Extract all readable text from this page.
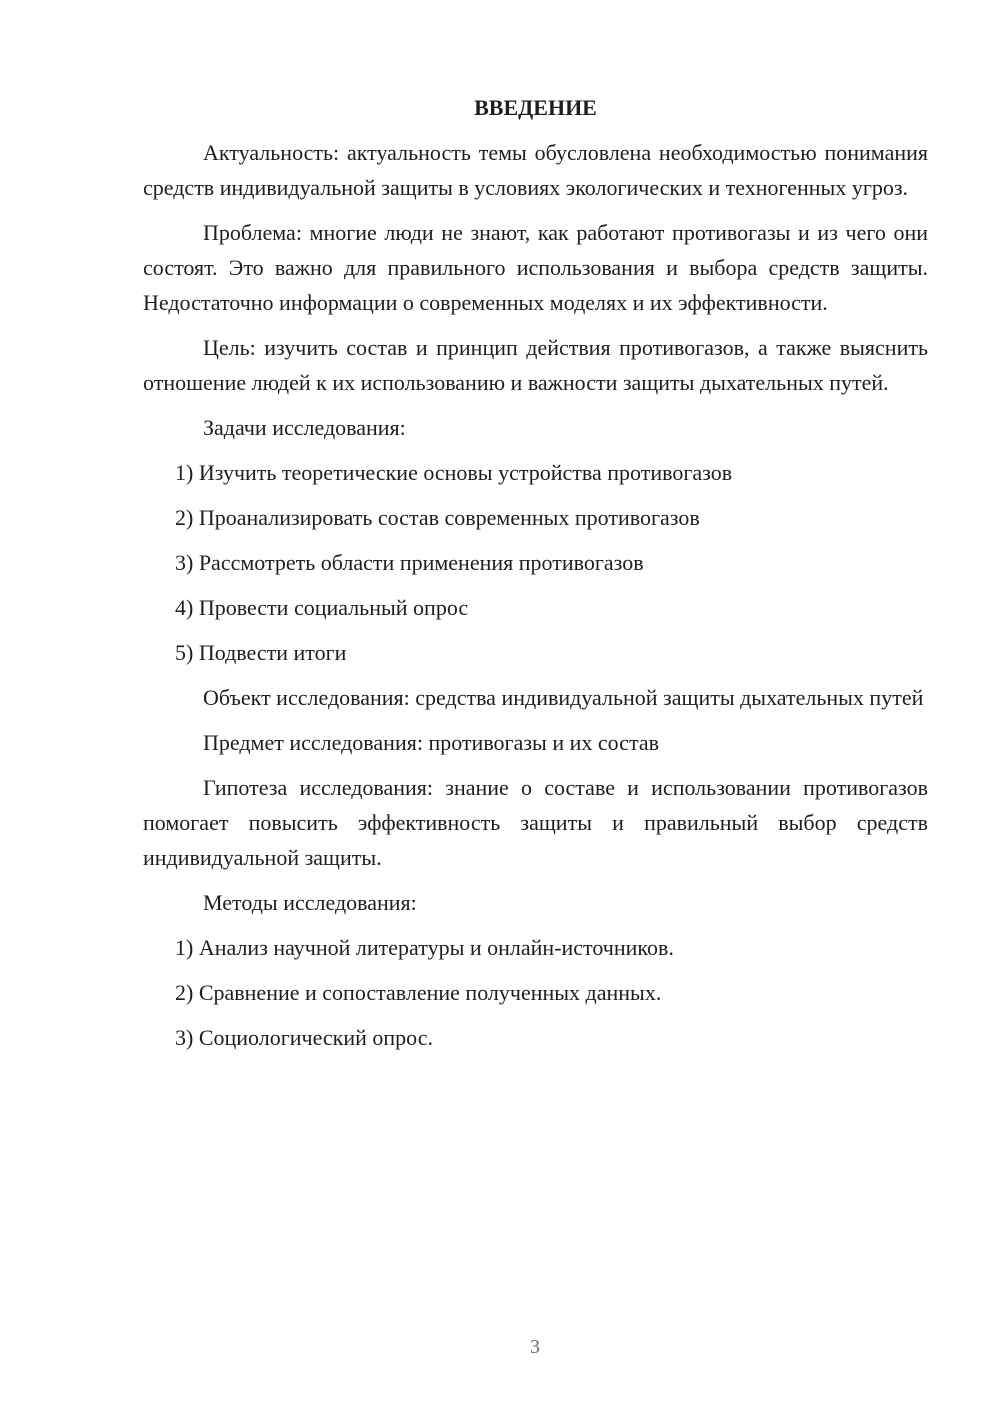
ВВЕДЕНИЕ
Актуальность: актуальность темы обусловлена необходимостью понимания средств индивидуальной защиты в условиях экологических и техногенных угроз.
Проблема: многие люди не знают, как работают противогазы и из чего они состоят. Это важно для правильного использования и выбора средств защиты. Недостаточно информации о современных моделях и их эффективности.
Цель: изучить состав и принцип действия противогазов, а также выяснить отношение людей к их использованию и важности защиты дыхательных путей.
Задачи исследования:
1) Изучить теоретические основы устройства противогазов
2) Проанализировать состав современных противогазов
3) Рассмотреть области применения противогазов
4) Провести социальный опрос
5) Подвести итоги
Объект исследования: средства индивидуальной защиты дыхательных путей
Предмет исследования: противогазы и их состав
Гипотеза исследования: знание о составе и использовании противогазов помогает повысить эффективность защиты и правильный выбор средств индивидуальной защиты.
Методы исследования:
1) Анализ научной литературы и онлайн-источников.
2) Сравнение и сопоставление полученных данных.
3) Социологический опрос.
3
